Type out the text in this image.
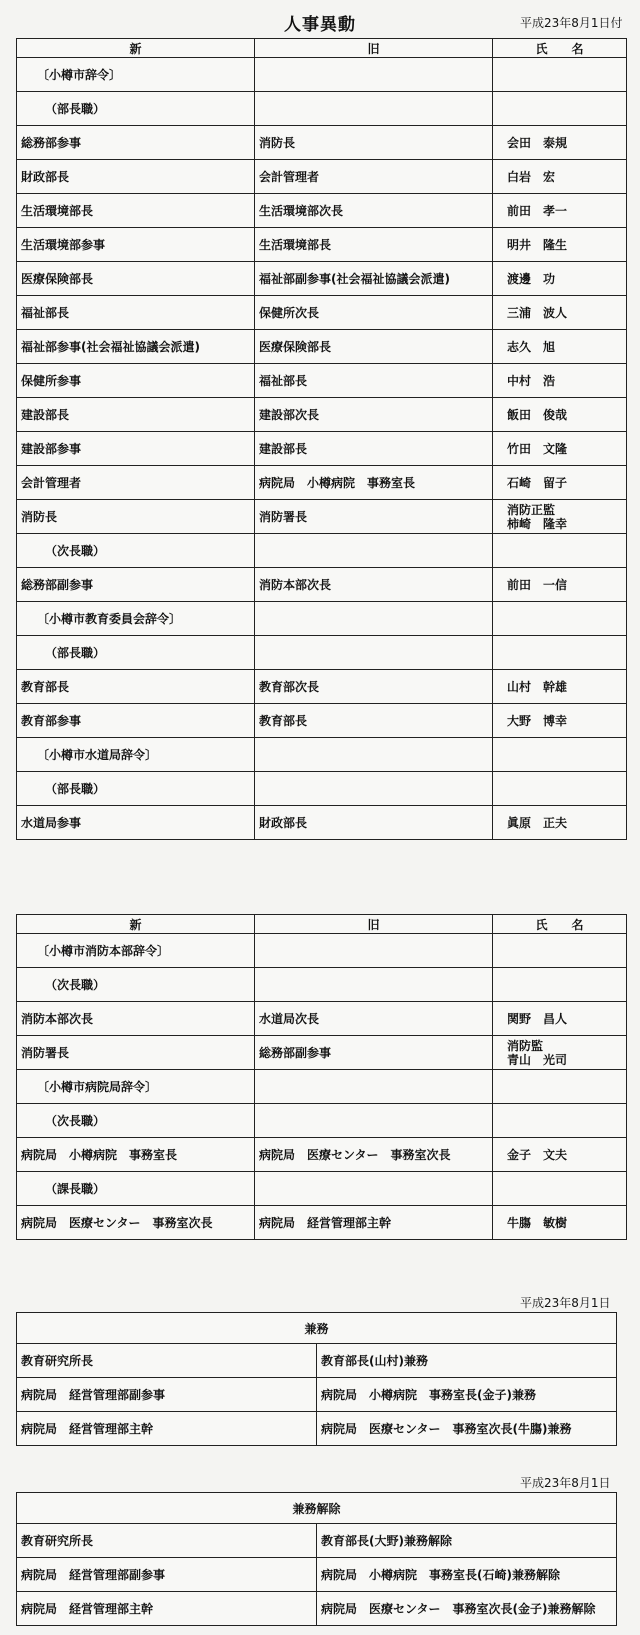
人事異動	平成23年8月1日付
新	旧	氏　　名
〔小樽市辞令〕		
（部長職）		
総務部参事	消防長	会田　泰規
財政部長	会計管理者	白岩　宏
生活環境部長	生活環境部次長	前田　孝一
生活環境部参事	生活環境部長	明井　隆生
医療保険部長	福祉部副参事(社会福祉協議会派遣)	渡邊　功
福祉部長	保健所次長	三浦　波人
福祉部参事(社会福祉協議会派遣)	医療保険部長	志久　旭
保健所参事	福祉部長	中村　浩
建設部長	建設部次長	飯田　俊哉
建設部参事	建設部長	竹田　文隆
会計管理者	病院局　小樽病院　事務室長	石崎　留子
消防長	消防署長	消防正監
柿崎　隆幸

（次長職）		
総務部副参事	消防本部次長	前田　一信
〔小樽市教育委員会辞令〕		
（部長職）		
教育部長	教育部次長	山村　幹雄
教育部参事	教育部長	大野　博幸
〔小樽市水道局辞令〕		
（部長職）		
水道局参事	財政部長	眞原　正夫
新	旧	氏　　名
〔小樽市消防本部辞令〕		
（次長職）		
消防本部次長	水道局次長	関野　昌人
消防署長	総務部副参事	消防監
青山　光司

〔小樽市病院局辞令〕		
（次長職）		
病院局　小樽病院　事務室長	病院局　医療センター　事務室次長	金子　文夫
（課長職）		
病院局　医療センター　事務室次長	病院局　経営管理部主幹	牛膓　敏樹
平成23年8月1日
兼務	
教育研究所長	教育部長(山村)兼務
病院局　経営管理部副参事	病院局　小樽病院　事務室長(金子)兼務
病院局　経営管理部主幹	病院局　医療センター　事務室次長(牛膓)兼務
平成23年8月1日
兼務解除	
教育研究所長	教育部長(大野)兼務解除
病院局　経営管理部副参事	病院局　小樽病院　事務室長(石崎)兼務解除
病院局　経営管理部主幹	病院局　医療センター　事務室次長(金子)兼務解除
